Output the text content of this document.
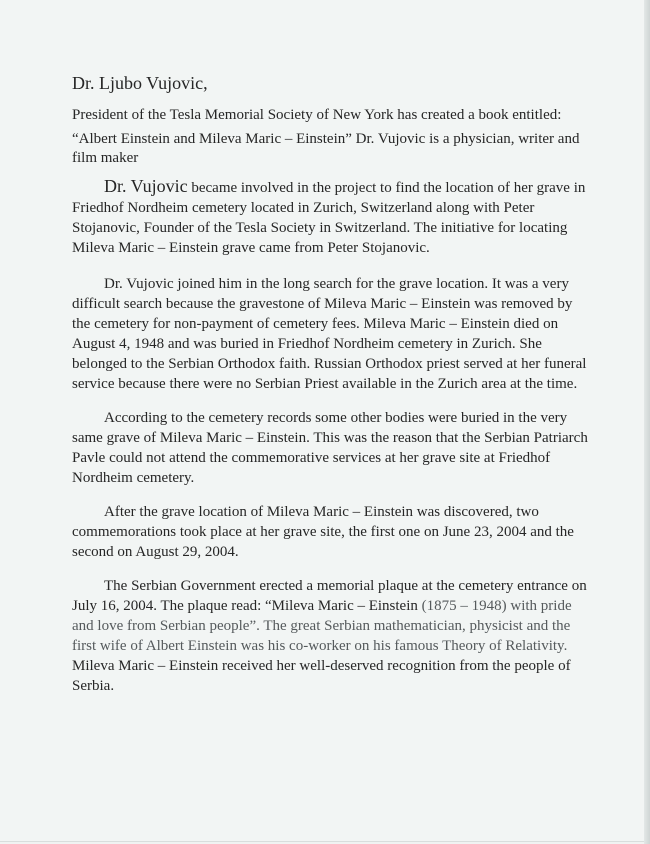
Dr. Ljubo Vujovic,

President of the Tesla Memorial Society of New York has created a book entitled:

“Albert Einstein and Mileva Maric – Einstein” Dr. Vujovic is a physician, writer and film maker

Dr. Vujovic became involved in the project to find the location of her grave in Friedhof Nordheim cemetery located in Zurich, Switzerland along with Peter Stojanovic, Founder of the Tesla Society in Switzerland. The initiative for locating Mileva Maric – Einstein grave came from Peter Stojanovic.

Dr. Vujovic joined him in the long search for the grave location. It was a very difficult search because the gravestone of Mileva Maric – Einstein was removed by the cemetery for non-payment of cemetery fees. Mileva Maric – Einstein died on August 4, 1948 and was buried in Friedhof Nordheim cemetery in Zurich. She belonged to the Serbian Orthodox faith. Russian Orthodox priest served at her funeral service because there were no Serbian Priest available in the Zurich area at the time.

According to the cemetery records some other bodies were buried in the very same grave of Mileva Maric – Einstein. This was the reason that the Serbian Patriarch Pavle could not attend the commemorative services at her grave site at Friedhof Nordheim cemetery.

After the grave location of Mileva Maric – Einstein was discovered, two commemorations took place at her grave site, the first one on June 23, 2004 and the second on August 29, 2004.

The Serbian Government erected a memorial plaque at the cemetery entrance on July 16, 2004. The plaque read: “Mileva Maric – Einstein (1875 – 1948) with pride and love from Serbian people”. The great Serbian mathematician, physicist and the first wife of Albert Einstein was his co-worker on his famous Theory of Relativity. Mileva Maric – Einstein received her well-deserved recognition from the people of Serbia.
